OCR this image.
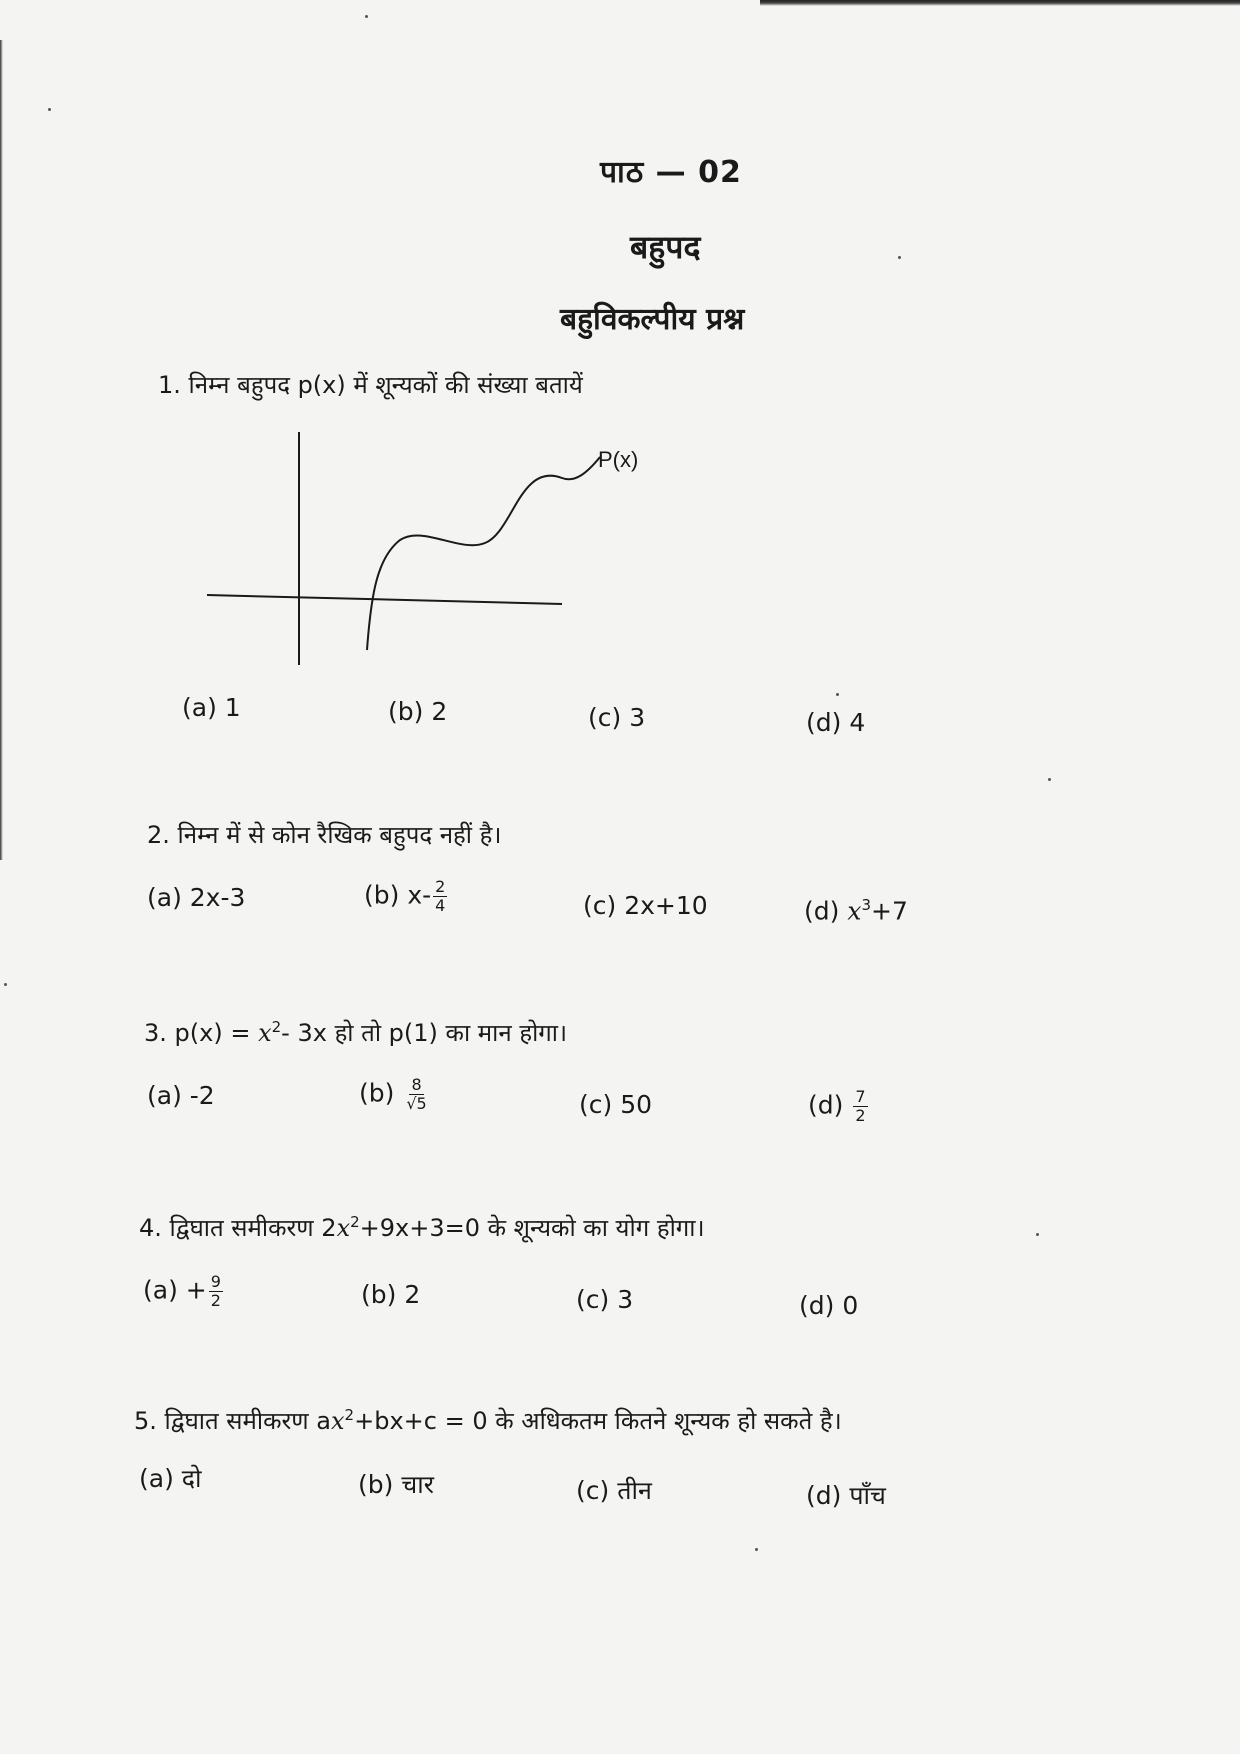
पाठ — 02
बहुपद
बहुविकल्पीय प्रश्न
1. निम्न बहुपद p(x) में शून्यकों की संख्या बतायें
P(x)
(a) 1	(b) 2	(c) 3	(d) 4
2. निम्न में से कोन रैखिक बहुपद नहीं है।
(a) 2x-3	(b) $x- \frac{2}{4}$	(c) 2x+10	(d) $x^3+7$
3. $p(x) = x^2-$ 3x हो तो p(1) का मान होगा।
(a) -2	$(b) \frac{8}{√5}$	(c) 50	$(d) \frac{7}{2}$
4. द्विघात समीकरण $2x^2+9x+3=0$ के शून्यको का योग होगा।
$(a) + \frac{9}{2}$	(b) 2	(c) 3	(d) 0
5. द्विघात समीकरण $ax^2+bx+c = 0$ के अधिकतम कितने शून्यक हो सकते है।
(a) दो	(b) चार	(c) तीन	(d) पाँच
